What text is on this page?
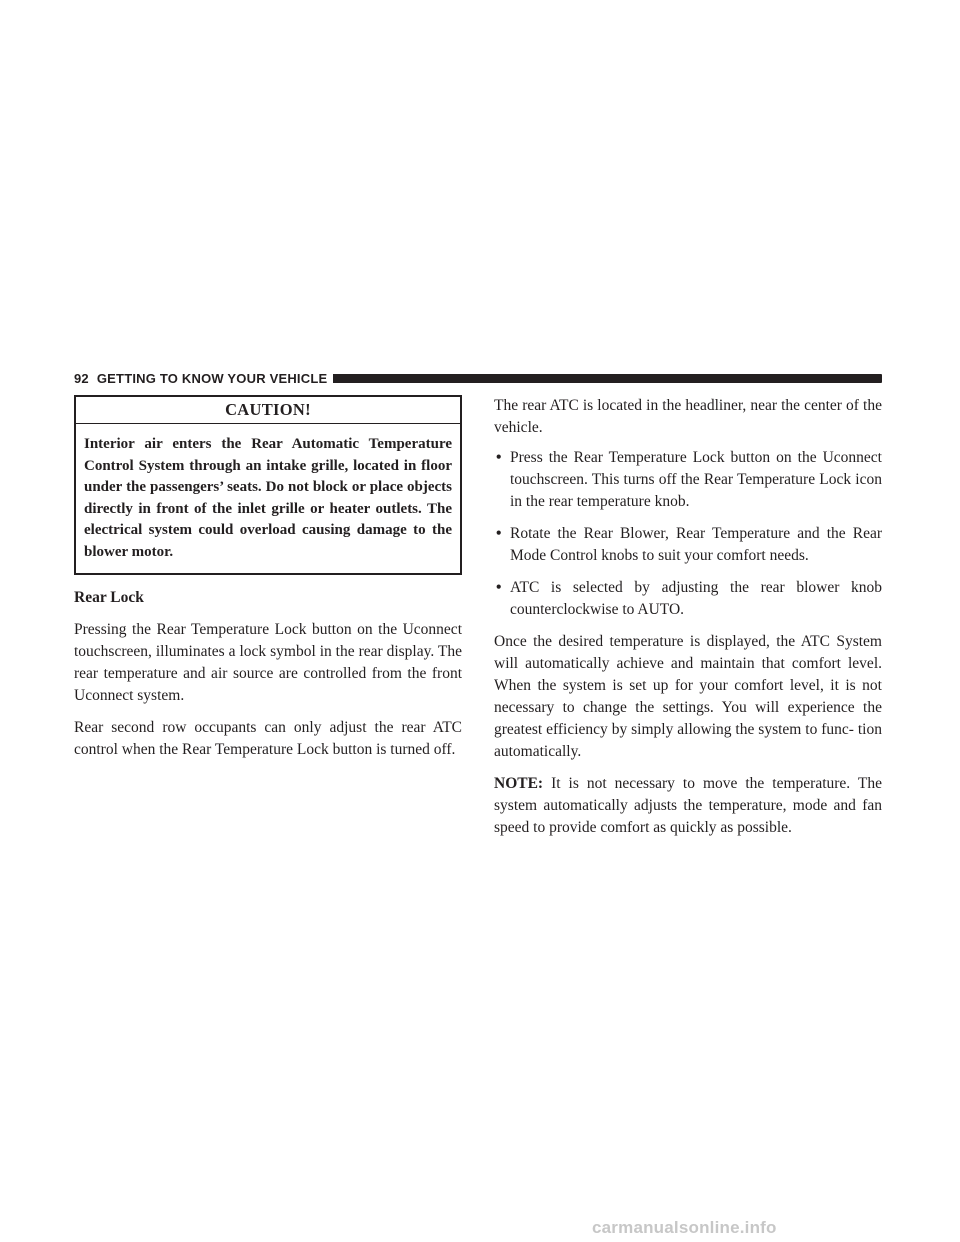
92 GETTING TO KNOW YOUR VEHICLE
CAUTION!
Interior air enters the Rear Automatic Temperature Control System through an intake grille, located in floor under the passengers’ seats. Do not block or place objects directly in front of the inlet grille or heater outlets. The electrical system could overload causing damage to the blower motor.
Rear Lock

Pressing the Rear Temperature Lock button on the Uconnect touchscreen, illuminates a lock symbol in the rear display. The rear temperature and air source are controlled from the front Uconnect system.

Rear second row occupants can only adjust the rear ATC control when the Rear Temperature Lock button is turned off.

The rear ATC is located in the headliner, near the center of the vehicle.

• Press the Rear Temperature Lock button on the Uconnect touchscreen. This turns off the Rear Temperature Lock icon in the rear temperature knob.
• Rotate the Rear Blower, Rear Temperature and the Rear Mode Control knobs to suit your comfort needs.
• ATC is selected by adjusting the rear blower knob counterclockwise to AUTO.

Once the desired temperature is displayed, the ATC System will automatically achieve and maintain that comfort level. When the system is set up for your comfort level, it is not necessary to change the settings. You will experience the greatest efficiency by simply allowing the system to func- tion automatically.

NOTE: It is not necessary to move the temperature. The system automatically adjusts the temperature, mode and fan speed to provide comfort as quickly as possible.

carmanualsonline.info
